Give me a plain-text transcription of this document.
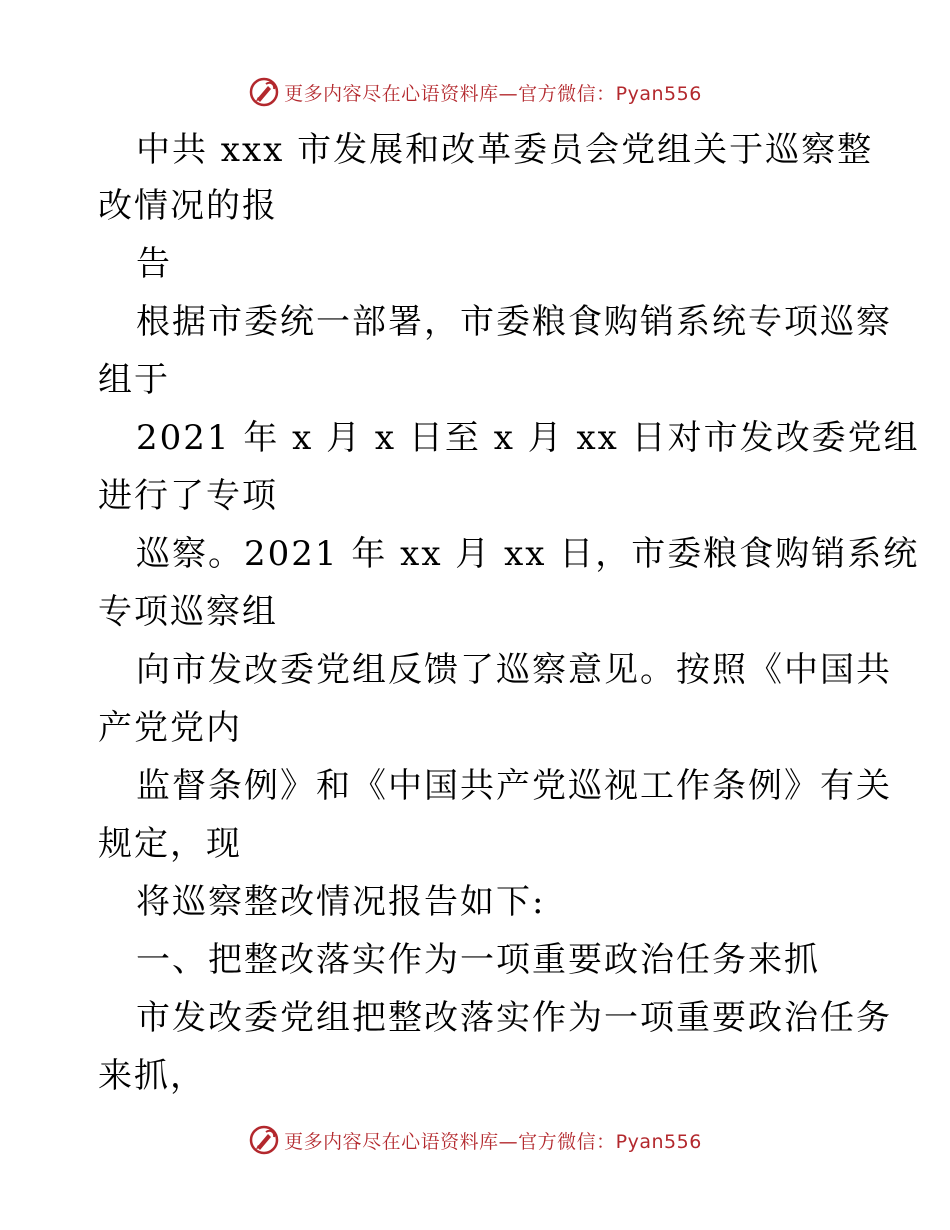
更多内容尽在心语资料库—官方微信：Pyan556
中共 xxx 市发展和改革委员会党组关于巡察整
改情况的报
告
根据市委统一部署，市委粮食购销系统专项巡察
组于
2021 年 x 月 x 日至 x 月 xx 日对市发改委党组
进行了专项
巡察。2021 年 xx 月 xx 日，市委粮食购销系统
专项巡察组
向市发改委党组反馈了巡察意见。按照《中国共
产党党内
监督条例》和《中国共产党巡视工作条例》有关
规定，现
将巡察整改情况报告如下:
一、把整改落实作为一项重要政治任务来抓
市发改委党组把整改落实作为一项重要政治任务
来抓，
更多内容尽在心语资料库—官方微信：Pyan556
